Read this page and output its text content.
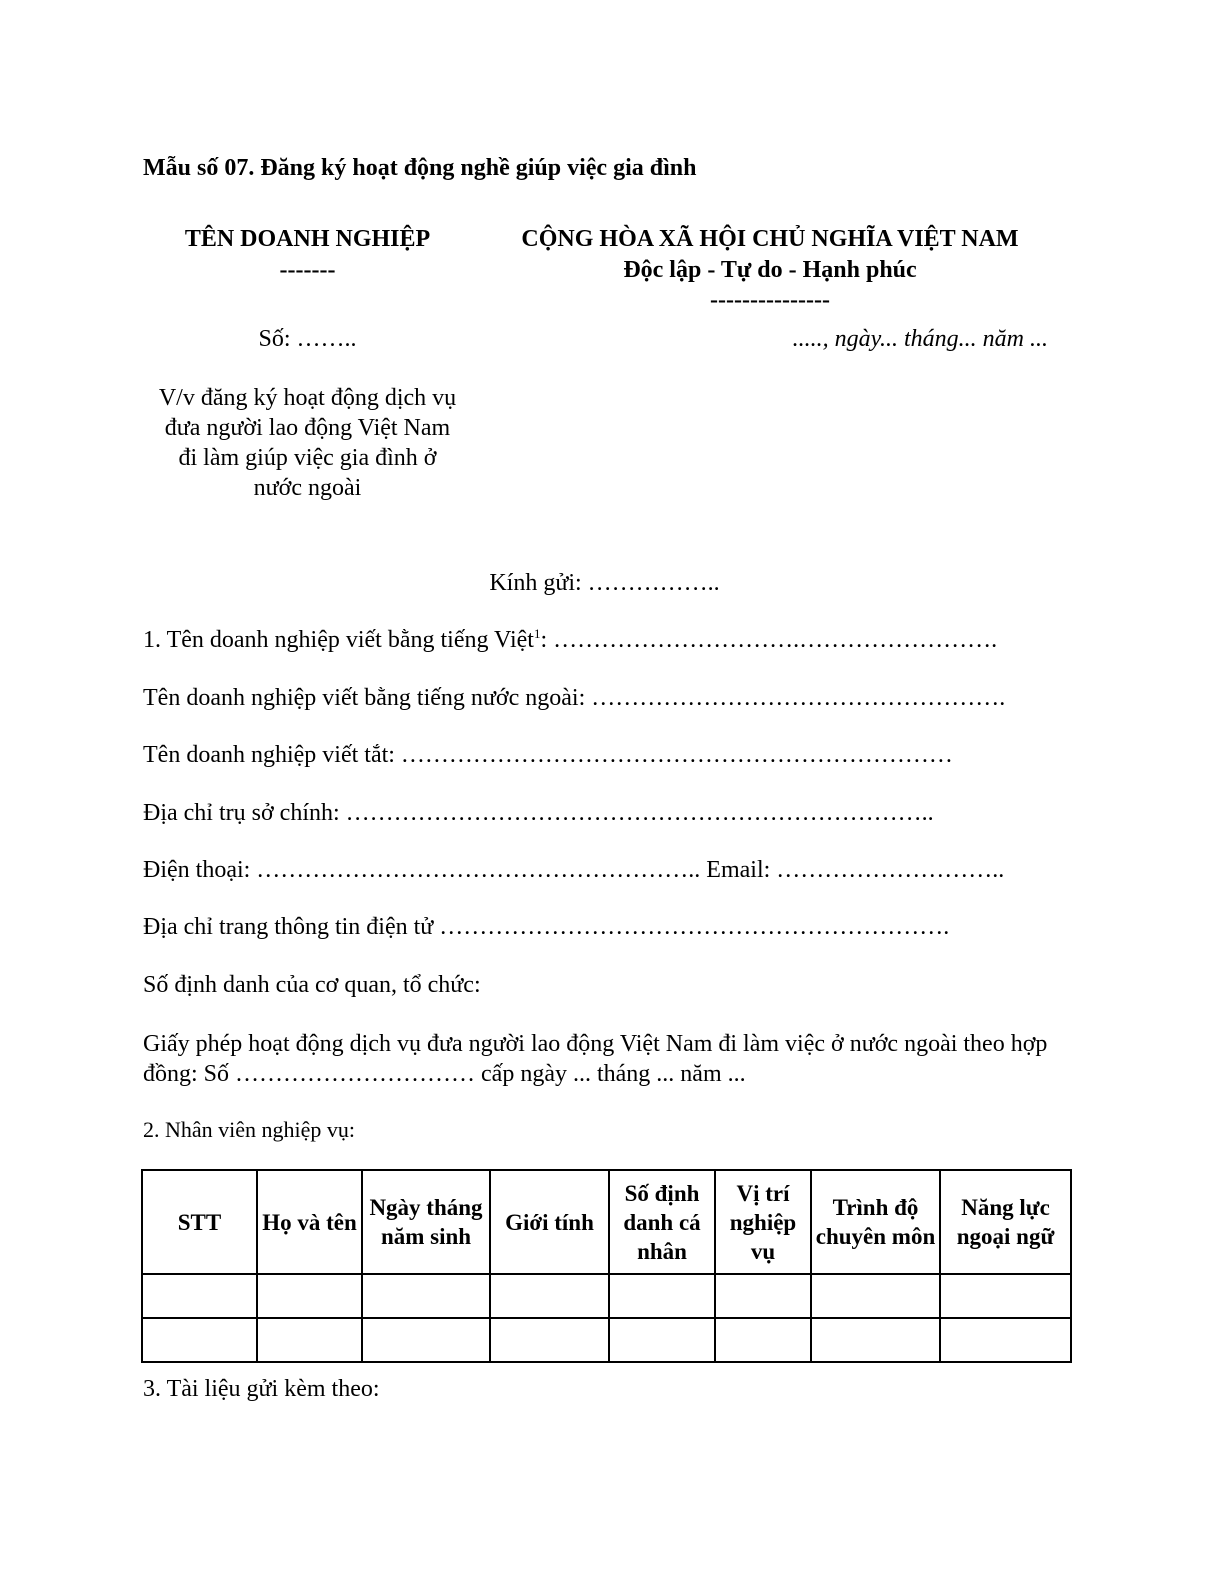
Mẫu số 07. Đăng ký hoạt động nghề giúp việc gia đình
TÊN DOANH NGHIỆP
-------
CỘNG HÒA XÃ HỘI CHỦ NGHĨA VIỆT NAM
Độc lập - Tự do - Hạnh phúc
---------------
Số: ……..	....., ngày... tháng... năm ...
V/v đăng ký hoạt động dịch vụ
đưa người lao động Việt Nam
đi làm giúp việc gia đình ở
nước ngoài
Kính gửi: ……………..
1. Tên doanh nghiệp viết bằng tiếng Việt$^1$: ………………………….…………………….
Tên doanh nghiệp viết bằng tiếng nước ngoài: …………………………………………….
Tên doanh nghiệp viết tắt: ……………………………………………………………
Địa chỉ trụ sở chính: ………………………………………………………………..
Điện thoại: ……………………………………………….. Email: ………………………..
Địa chỉ trang thông tin điện tử ……………………………………………………….
Số định danh của cơ quan, tổ chức:
Giấy phép hoạt động dịch vụ đưa người lao động Việt Nam đi làm việc ở nước ngoài theo hợp đồng: Số ………………………… cấp ngày ... tháng ... năm ...
2. Nhân viên nghiệp vụ:
STT	Họ và tên	Ngày tháng năm sinh	Giới tính	Số định danh cá nhân	Vị trí nghiệp vụ	Trình độ chuyên môn	Năng lực ngoại ngữ

3. Tài liệu gửi kèm theo:
